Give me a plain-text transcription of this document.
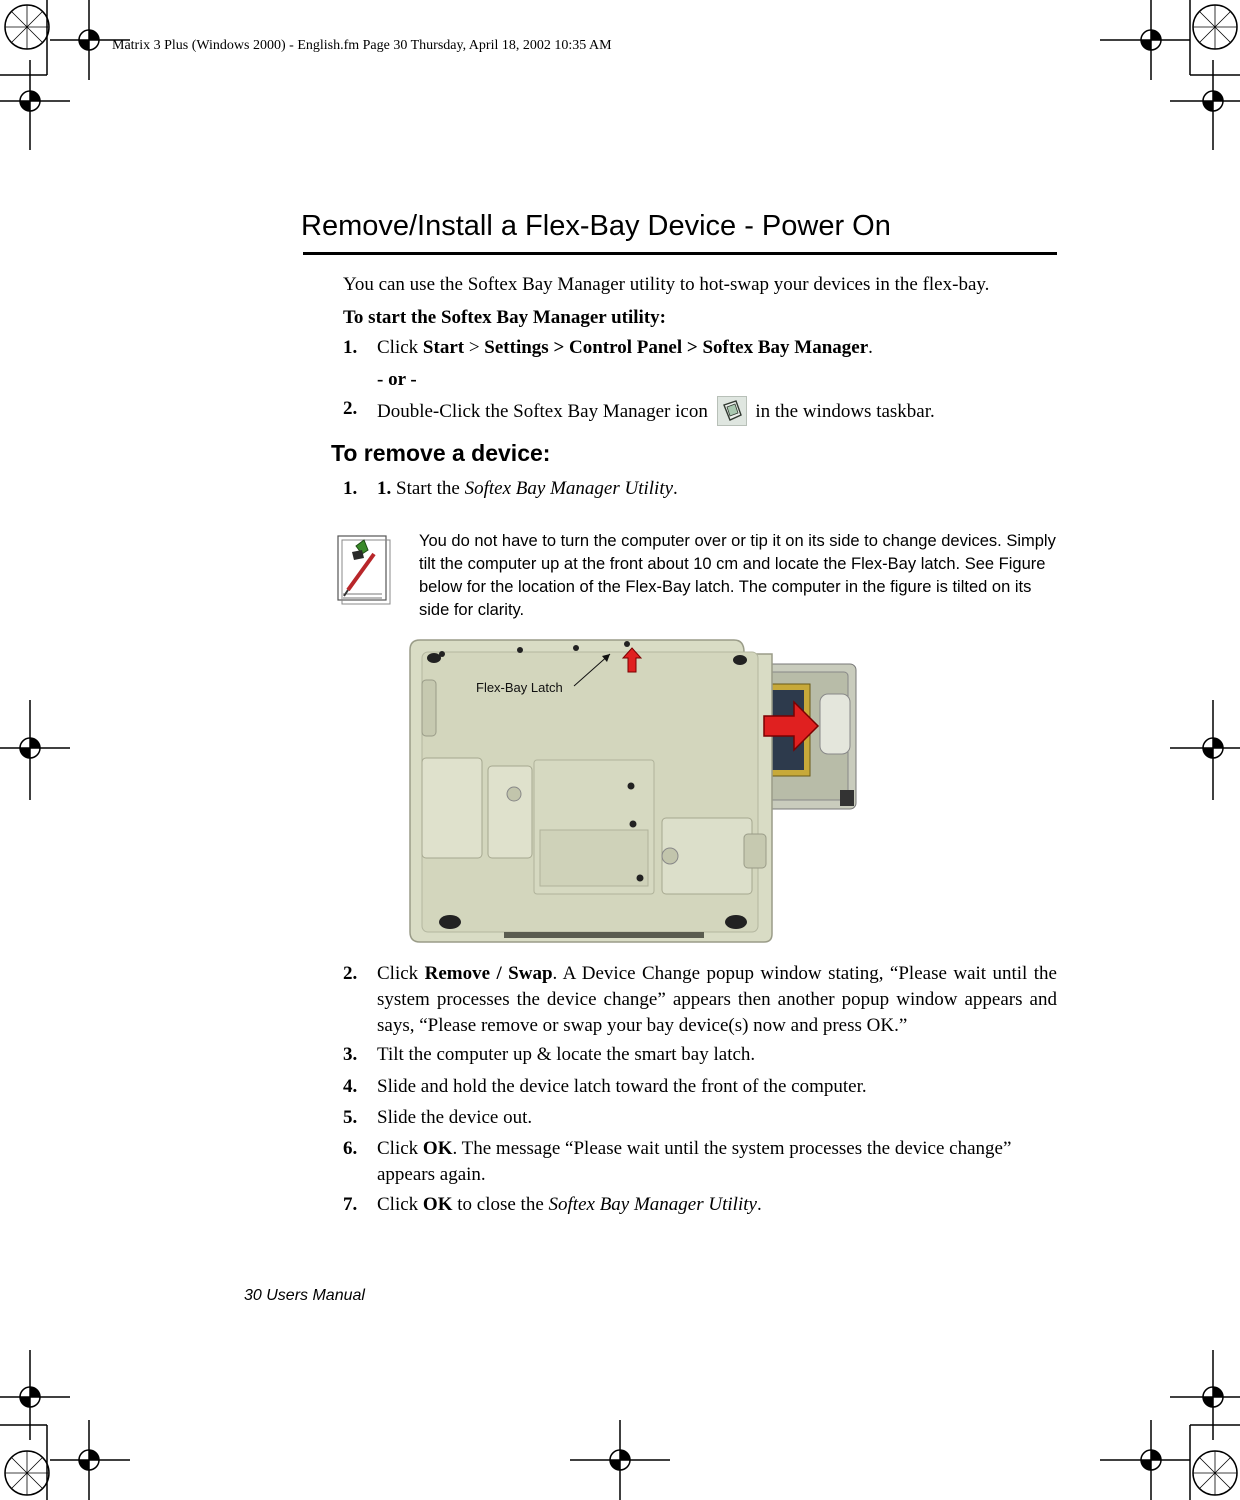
Matrix 3 Plus (Windows 2000) - English.fm Page 30 Thursday, April 18, 2002 10:35 AM
Remove/Install a Flex-Bay Device - Power On
You can use the Softex Bay Manager utility to hot-swap your devices in the flex-bay.
To start the Softex Bay Manager utility:
1. Click Start > Settings > Control Panel > Softex Bay Manager.
- or -
2. Double-Click the Softex Bay Manager icon  in the windows taskbar.
To remove a device:
1. 1. Start the Softex Bay Manager Utility.
You do not have to turn the computer over or tip it on its side to change devices. Simply tilt the computer up at the front about 10 cm and locate the Flex-Bay latch. See Figure below for the location of the Flex-Bay latch. The computer in the figure is tilted on its side for clarity.
Flex-Bay Latch
2. Click Remove / Swap. A Device Change popup window stating, “Please wait until the system processes the device change” appears then another popup window appears and says, “Please remove or swap your bay device(s) now and press OK.”
3. Tilt the computer up & locate the smart bay latch.
4. Slide and hold the device latch toward the front of the computer.
5. Slide the device out.
6. Click OK. The message “Please wait until the system processes the device change” appears again.
7. Click OK to close the Softex Bay Manager Utility.
30 Users Manual
